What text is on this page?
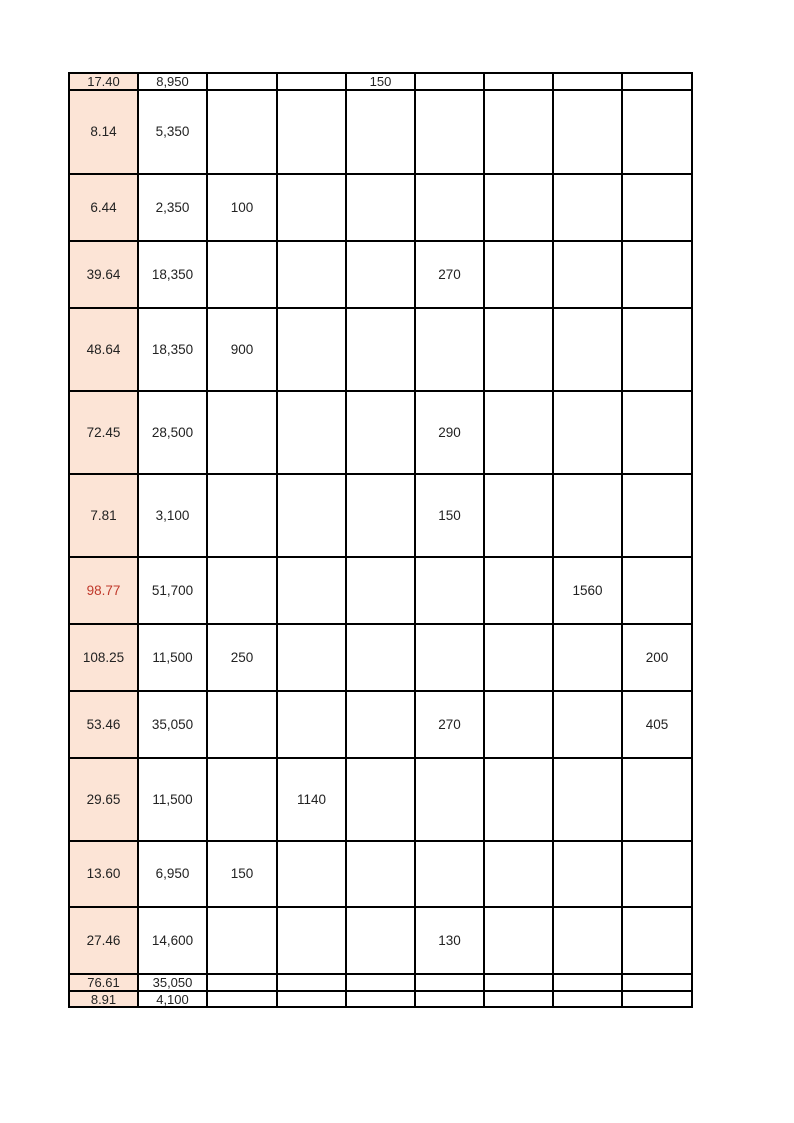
17.40	8,950			150				
8.14	5,350							
6.44	2,350	100						
39.64	18,350				270			
48.64	18,350	900						
72.45	28,500				290			
7.81	3,100				150			
98.77	51,700						1560	
108.25	11,500	250						200
53.46	35,050				270			405
29.65	11,500		1140					
13.60	6,950	150						
27.46	14,600				130			
76.61	35,050							
8.91	4,100							
